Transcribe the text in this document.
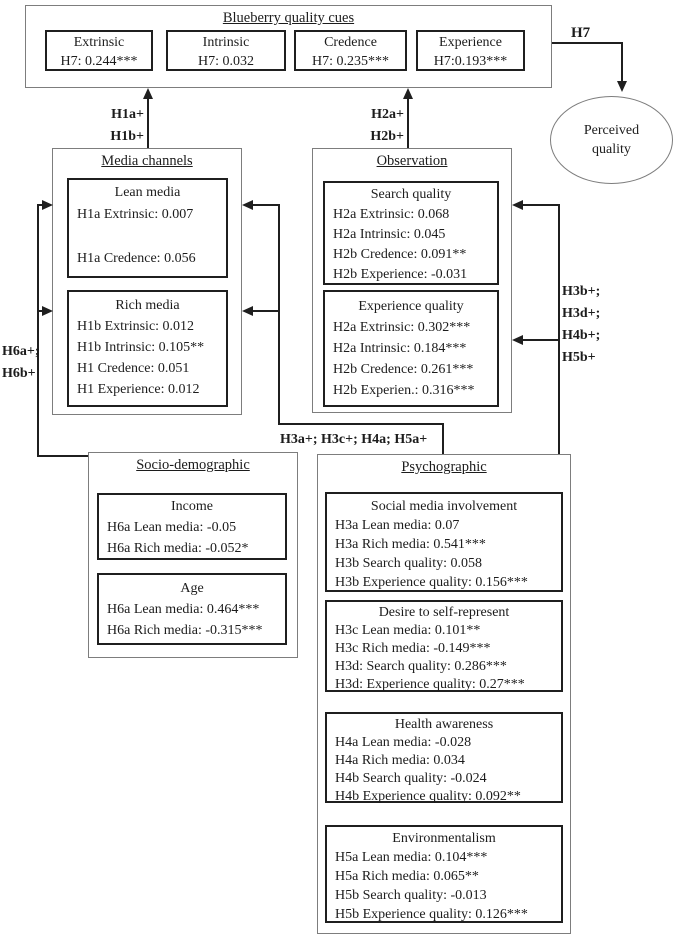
Blueberry quality cues
Extrinsic
H7: 0.244***
Intrinsic
H7: 0.032
Credence
H7: 0.235***
Experience
H7:0.193***
H7
Perceived
quality
H1a+
H1b+
H2a+
H2b+
Media channels
Lean media
H1a Extrinsic: 0.007
H1a Credence: 0.056
Rich media
H1b Extrinsic: 0.012
H1b Intrinsic: 0.105**
H1 Credence: 0.051
H1 Experience: 0.012
Observation
Search quality
H2a Extrinsic: 0.068
H2a Intrinsic: 0.045
H2b Credence: 0.091**
H2b Experience: -0.031
Experience quality
H2a Extrinsic: 0.302***
H2a Intrinsic: 0.184***
H2b Credence: 0.261***
H2b Experien.: 0.316***
H6a+;
H6b+
H3a+; H3c+; H4a; H5a+
H3b+;
H3d+;
H4b+;
H5b+
Socio-demographic
Income
H6a Lean media: -0.05
H6a Rich media: -0.052*
Age
H6a Lean media: 0.464***
H6a Rich media: -0.315***
Psychographic
Social media involvement
H3a Lean media: 0.07
H3a Rich media: 0.541***
H3b Search quality: 0.058
H3b Experience quality: 0.156***
Desire to self-represent
H3c Lean media: 0.101**
H3c Rich media: -0.149***
H3d: Search quality: 0.286***
H3d: Experience quality: 0.27***
Health awareness
H4a Lean media: -0.028
H4a Rich media: 0.034
H4b Search quality: -0.024
H4b Experience quality: 0.092**
Environmentalism
H5a Lean media: 0.104***
H5a Rich media: 0.065**
H5b Search quality: -0.013
H5b Experience quality: 0.126***
